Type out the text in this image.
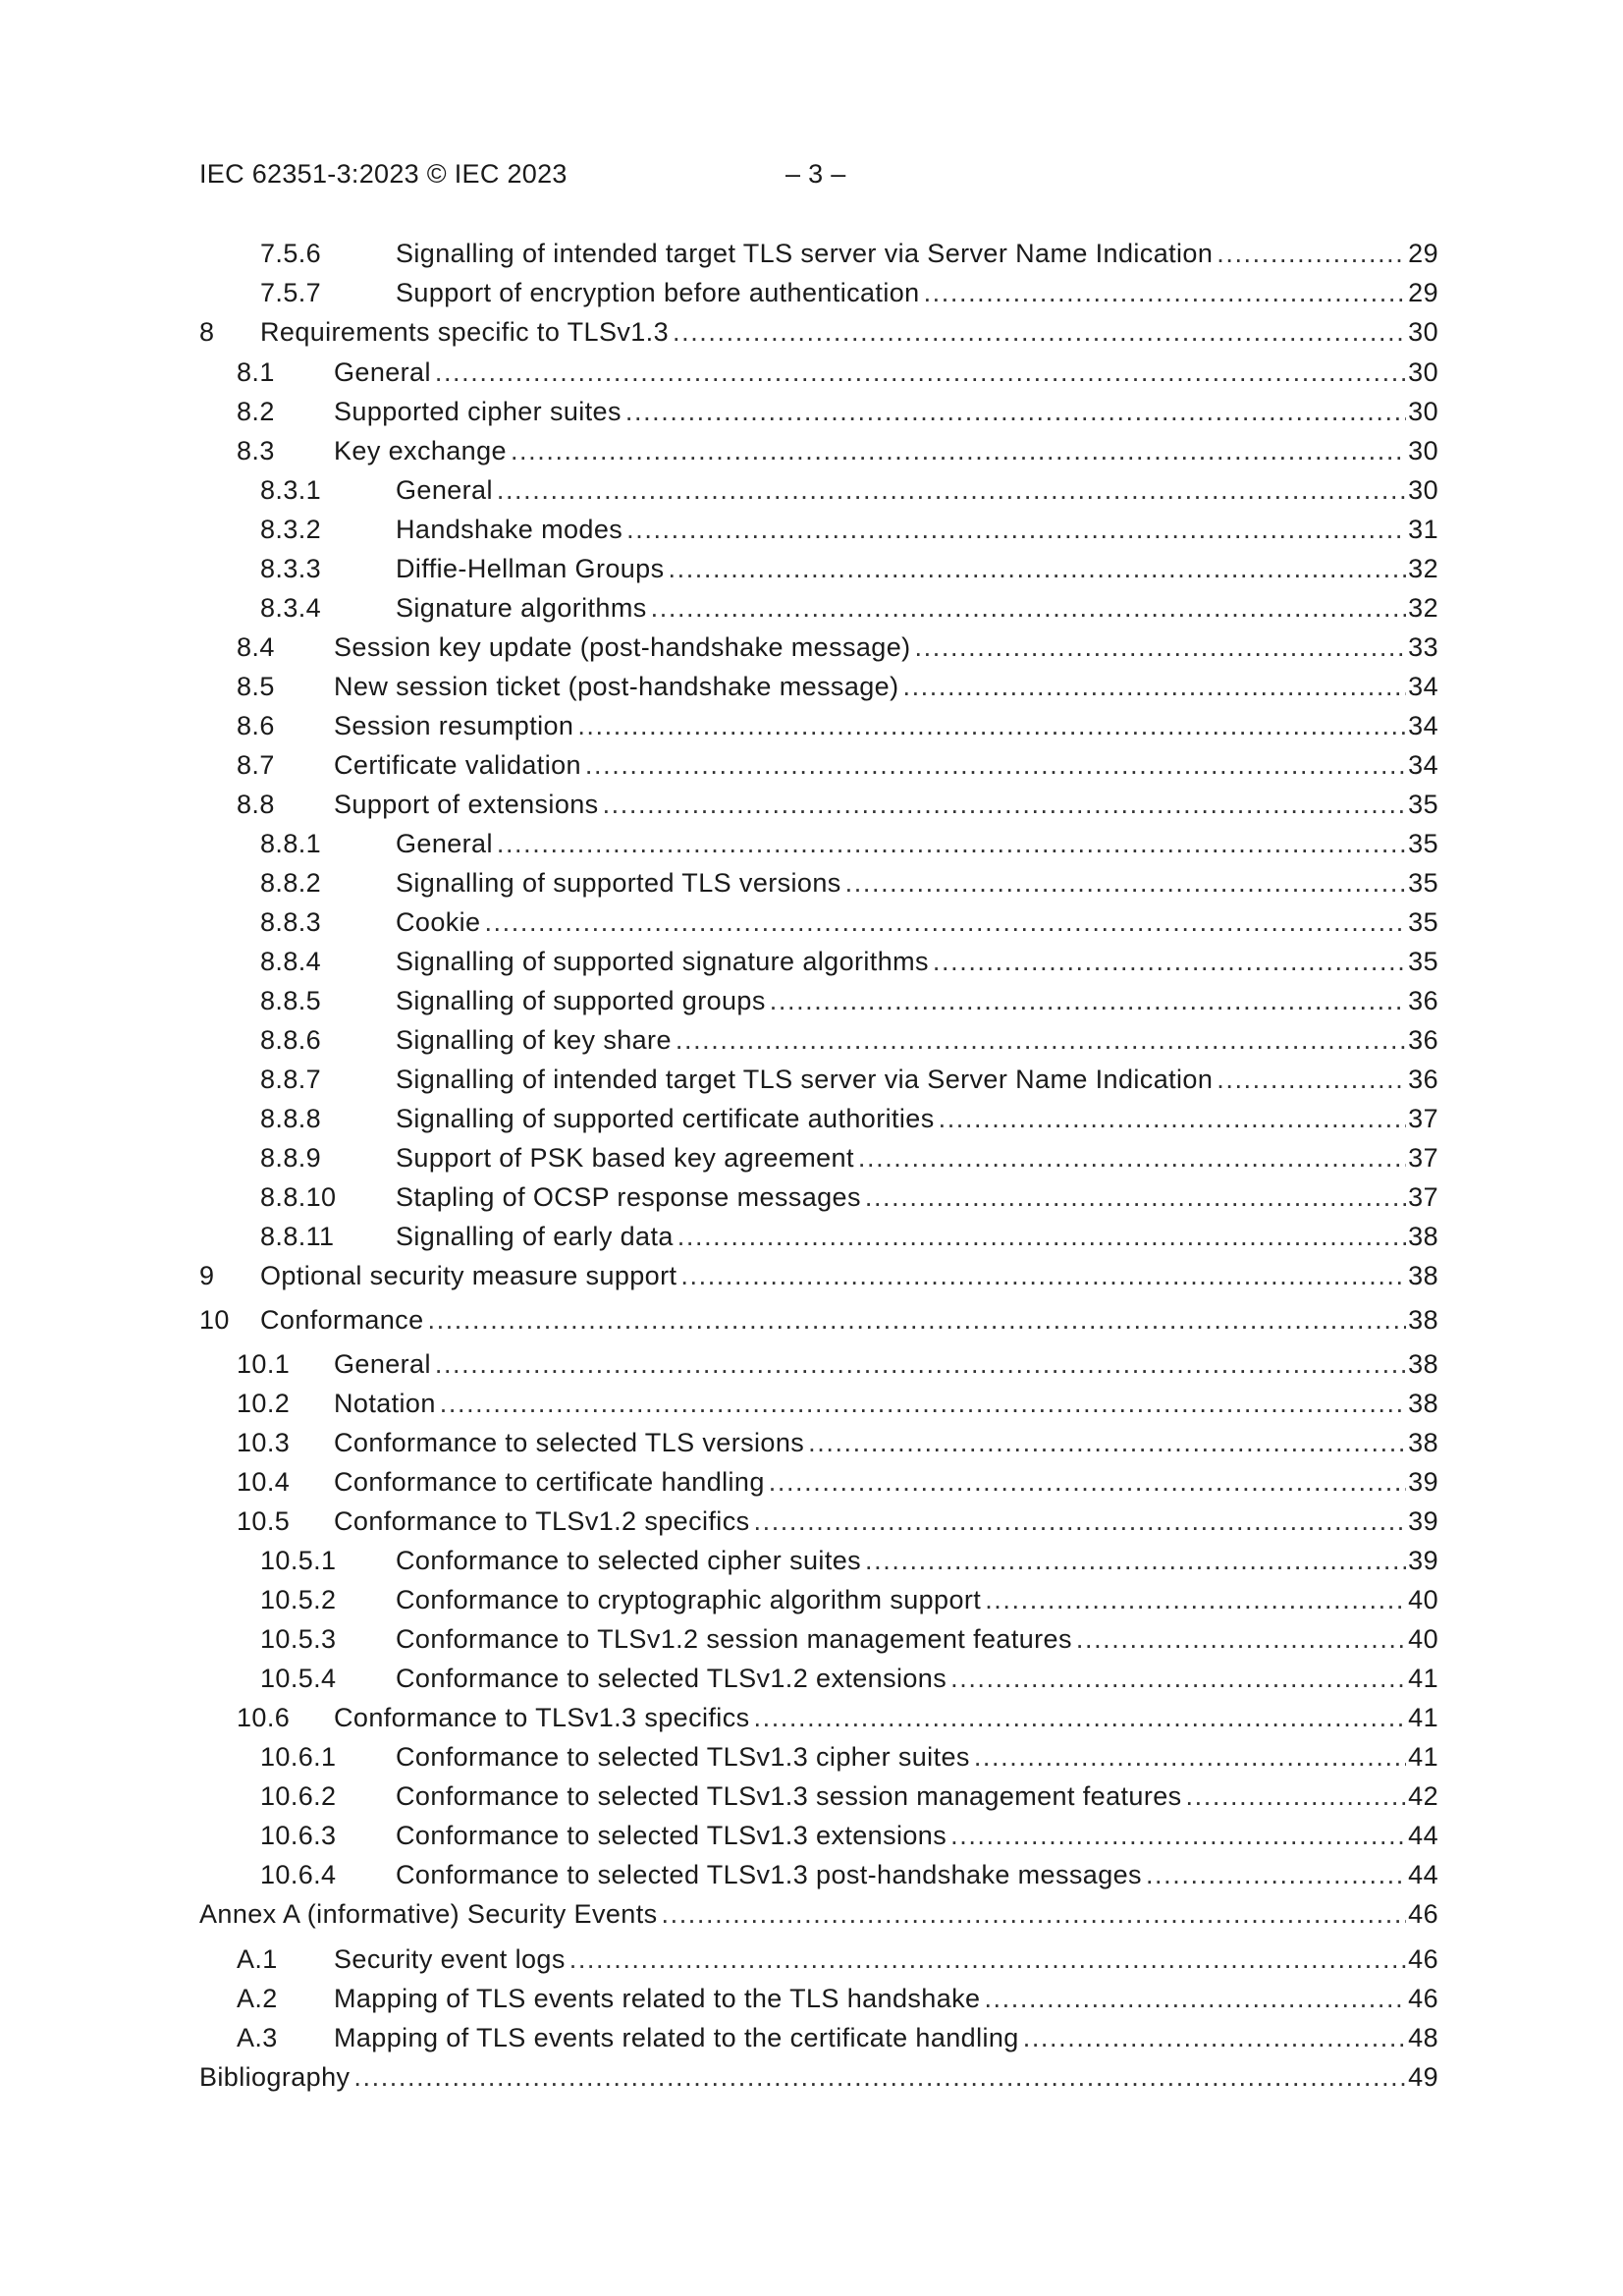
IEC 62351-3:2023 © IEC 2023	– 3 –
7.5.6	Signalling of intended target TLS server via Server Name Indication .....	29
7.5.7	Support of encryption before authentication .....	29
8	Requirements specific to TLSv1.3 .....	30
8.1	General .....	30
8.2	Supported cipher suites .....	30
8.3	Key exchange .....	30
8.3.1	General .....	30
8.3.2	Handshake modes .....	31
8.3.3	Diffie-Hellman Groups .....	32
8.3.4	Signature algorithms .....	32
8.4	Session key update (post-handshake message) .....	33
8.5	New session ticket (post-handshake message) .....	34
8.6	Session resumption .....	34
8.7	Certificate validation .....	34
8.8	Support of extensions .....	35
8.8.1	General .....	35
8.8.2	Signalling of supported TLS versions .....	35
8.8.3	Cookie .....	35
8.8.4	Signalling of supported signature algorithms .....	35
8.8.5	Signalling of supported groups .....	36
8.8.6	Signalling of key share .....	36
8.8.7	Signalling of intended target TLS server via Server Name Indication .....	36
8.8.8	Signalling of supported certificate authorities .....	37
8.8.9	Support of PSK based key agreement .....	37
8.8.10	Stapling of OCSP response messages .....	37
8.8.11	Signalling of early data .....	38
9	Optional security measure support .....	38
10	Conformance .....	38
10.1	General .....	38
10.2	Notation .....	38
10.3	Conformance to selected TLS versions .....	38
10.4	Conformance to certificate handling .....	39
10.5	Conformance to TLSv1.2 specifics .....	39
10.5.1	Conformance to selected cipher suites .....	39
10.5.2	Conformance to cryptographic algorithm support .....	40
10.5.3	Conformance to TLSv1.2 session management features .....	40
10.5.4	Conformance to selected TLSv1.2 extensions .....	41
10.6	Conformance to TLSv1.3 specifics .....	41
10.6.1	Conformance to selected TLSv1.3 cipher suites .....	41
10.6.2	Conformance to selected TLSv1.3 session management features .....	42
10.6.3	Conformance to selected TLSv1.3 extensions .....	44
10.6.4	Conformance to selected TLSv1.3 post-handshake messages .....	44
Annex A (informative) Security Events .....	46
A.1	Security event logs .....	46
A.2	Mapping of TLS events related to the TLS handshake .....	46
A.3	Mapping of TLS events related to the certificate handling .....	48
Bibliography .....	49
